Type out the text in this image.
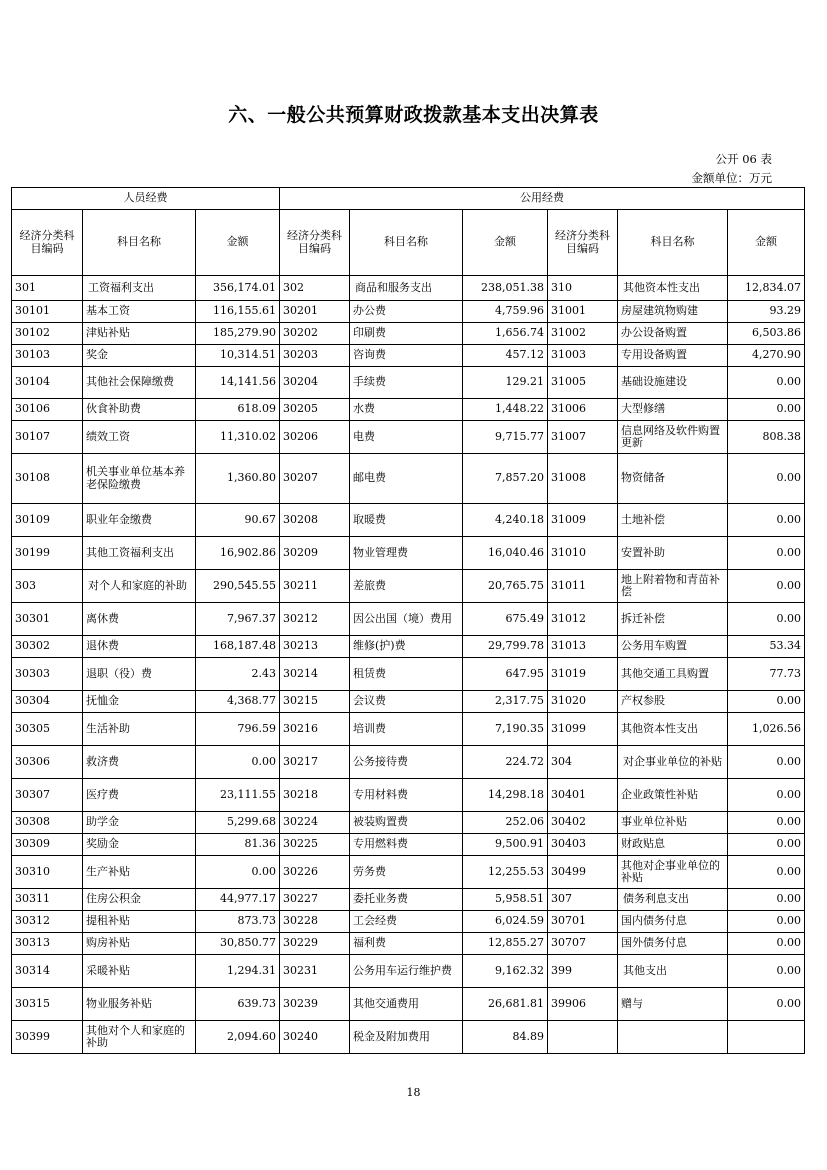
六、一般公共预算财政拨款基本支出决算表
公开 06 表
金额单位：万元
人员经费			公用经费					
经济分类科目编码	科目名称	金额	经济分类科目编码	科目名称	金额	经济分类科目编码	科目名称	金额
301	工资福利支出	356,174.01	302	商品和服务支出	238,051.38	310	其他资本性支出	12,834.07
30101	基本工资	116,155.61	30201	办公费	4,759.96	31001	房屋建筑物购建	93.29
30102	津贴补贴	185,279.90	30202	印刷费	1,656.74	31002	办公设备购置	6,503.86
30103	奖金	10,314.51	30203	咨询费	457.12	31003	专用设备购置	4,270.90
30104	其他社会保障缴费	14,141.56	30204	手续费	129.21	31005	基础设施建设	0.00
30106	伙食补助费	618.09	30205	水费	1,448.22	31006	大型修缮	0.00
30107	绩效工资	11,310.02	30206	电费	9,715.77	31007	信息网络及软件购置更新	808.38
30108	机关事业单位基本养老保险缴费	1,360.80	30207	邮电费	7,857.20	31008	物资储备	0.00
30109	职业年金缴费	90.67	30208	取暖费	4,240.18	31009	土地补偿	0.00
30199	其他工资福利支出	16,902.86	30209	物业管理费	16,040.46	31010	安置补助	0.00
303	对个人和家庭的补助	290,545.55	30211	差旅费	20,765.75	31011	地上附着物和青苗补偿	0.00
30301	离休费	7,967.37	30212	因公出国（境）费用	675.49	31012	拆迁补偿	0.00
30302	退休费	168,187.48	30213	维修(护)费	29,799.78	31013	公务用车购置	53.34
30303	退职（役）费	2.43	30214	租赁费	647.95	31019	其他交通工具购置	77.73
30304	抚恤金	4,368.77	30215	会议费	2,317.75	31020	产权参股	0.00
30305	生活补助	796.59	30216	培训费	7,190.35	31099	其他资本性支出	1,026.56
30306	救济费	0.00	30217	公务接待费	224.72	304	对企事业单位的补贴	0.00
30307	医疗费	23,111.55	30218	专用材料费	14,298.18	30401	企业政策性补贴	0.00
30308	助学金	5,299.68	30224	被装购置费	252.06	30402	事业单位补贴	0.00
30309	奖励金	81.36	30225	专用燃料费	9,500.91	30403	财政贴息	0.00
30310	生产补贴	0.00	30226	劳务费	12,255.53	30499	其他对企事业单位的补贴	0.00
30311	住房公积金	44,977.17	30227	委托业务费	5,958.51	307	债务利息支出	0.00
30312	提租补贴	873.73	30228	工会经费	6,024.59	30701	国内债务付息	0.00
30313	购房补贴	30,850.77	30229	福利费	12,855.27	30707	国外债务付息	0.00
30314	采暖补贴	1,294.31	30231	公务用车运行维护费	9,162.32	399	其他支出	0.00
30315	物业服务补贴	639.73	30239	其他交通费用	26,681.81	39906	赠与	0.00
30399	其他对个人和家庭的补助	2,094.60	30240	税金及附加费用	84.89			
18
